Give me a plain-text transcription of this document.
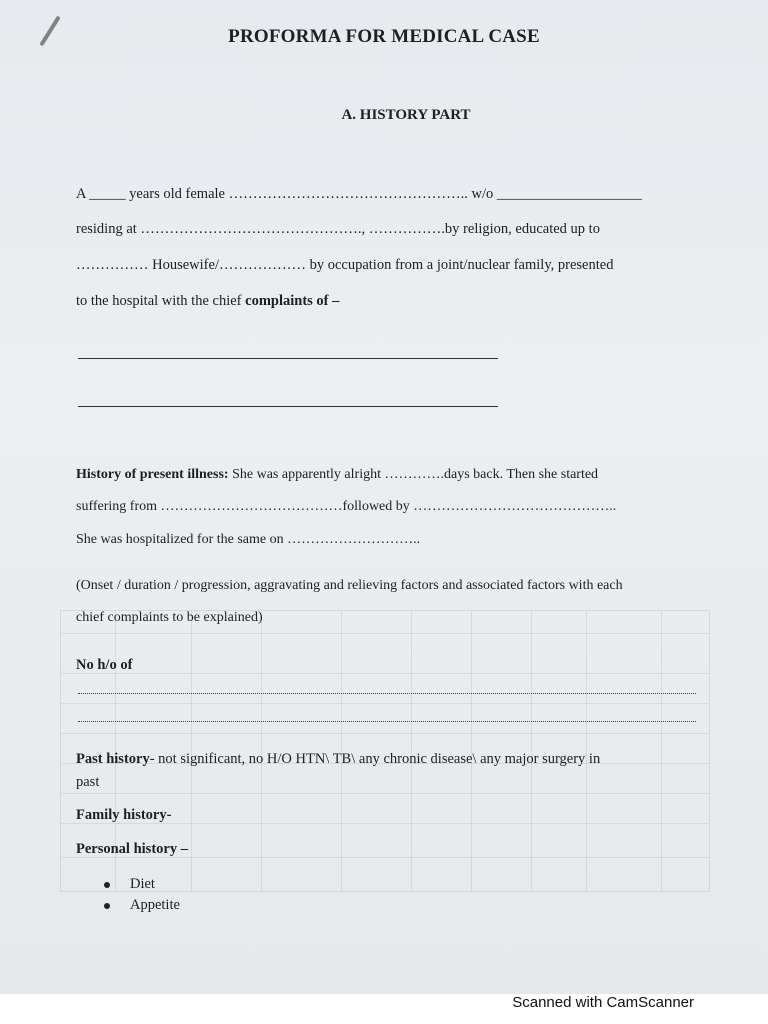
PROFORMA FOR MEDICAL CASE
A. HISTORY PART
A _____ years old female ………………………………………….. w/o ____________________
residing at ………………………………………., …………….by religion, educated up to
…………… Housewife/……………… by occupation from a joint/nuclear family, presented
to the hospital with the chief complaints of –
History of present illness: She was apparently alright ………….days back. Then she started
suffering from …………………………………followed by ……………………………………..
She was hospitalized for the same on ………………………..
(Onset / duration / progression, aggravating and relieving factors and associated factors with each
chief complaints to be explained)
No h/o of
Past history- not significant, no H/O HTN\ TB\ any chronic disease\ any major surgery in
past
Family history-
Personal history –
Diet
Appetite
Scanned with CamScanner
